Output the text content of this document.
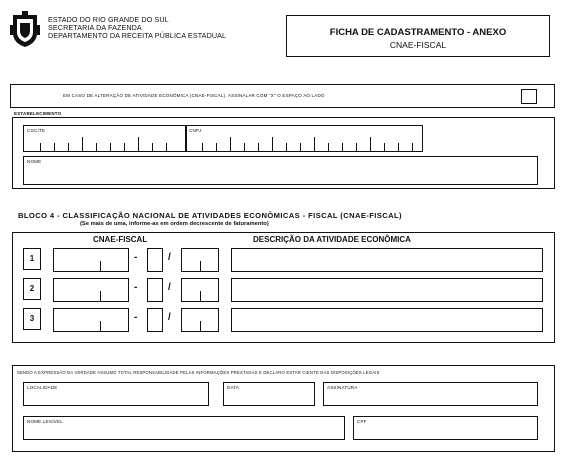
ESTADO DO RIO GRANDE DO SUL
SECRETARIA DA FAZENDA
DEPARTAMENTO DA RECEITA PÚBLICA ESTADUAL	FICHA DE CADASTRAMENTO - ANEXO
CNAE-FISCAL
EM CASO DE ALTERAÇÃO DE ATIVIDADE ECONÔMICA (CNAE-FISCAL), ASSINALAR COM "X" O ESPAÇO AO LADO
ESTABELECIMENTO
CGC/TE	CNPJ
NOME
BLOCO 4 - CLASSIFICAÇÃO NACIONAL DE ATIVIDADES ECONÔMICAS - FISCAL (CNAE-FISCAL)
(Se mais de uma, informe-as em ordem decrescente de faturamento)
CNAE-FISCAL	DESCRIÇÃO DA ATIVIDADE ECONÔMICA
1	-	/
2	-	/
3	-	/
SENDO A EXPRESSÃO DA VERDADE ASSUMO TOTAL RESPONSABILIDADE PELAS INFORMAÇÕES PRESTADAS E DECLARO ESTAR CIENTE DAS DISPOSIÇÕES LEGAIS
LOCALIDADE	DATA	ASSINATURA
NOME LEGÍVEL	CPF
